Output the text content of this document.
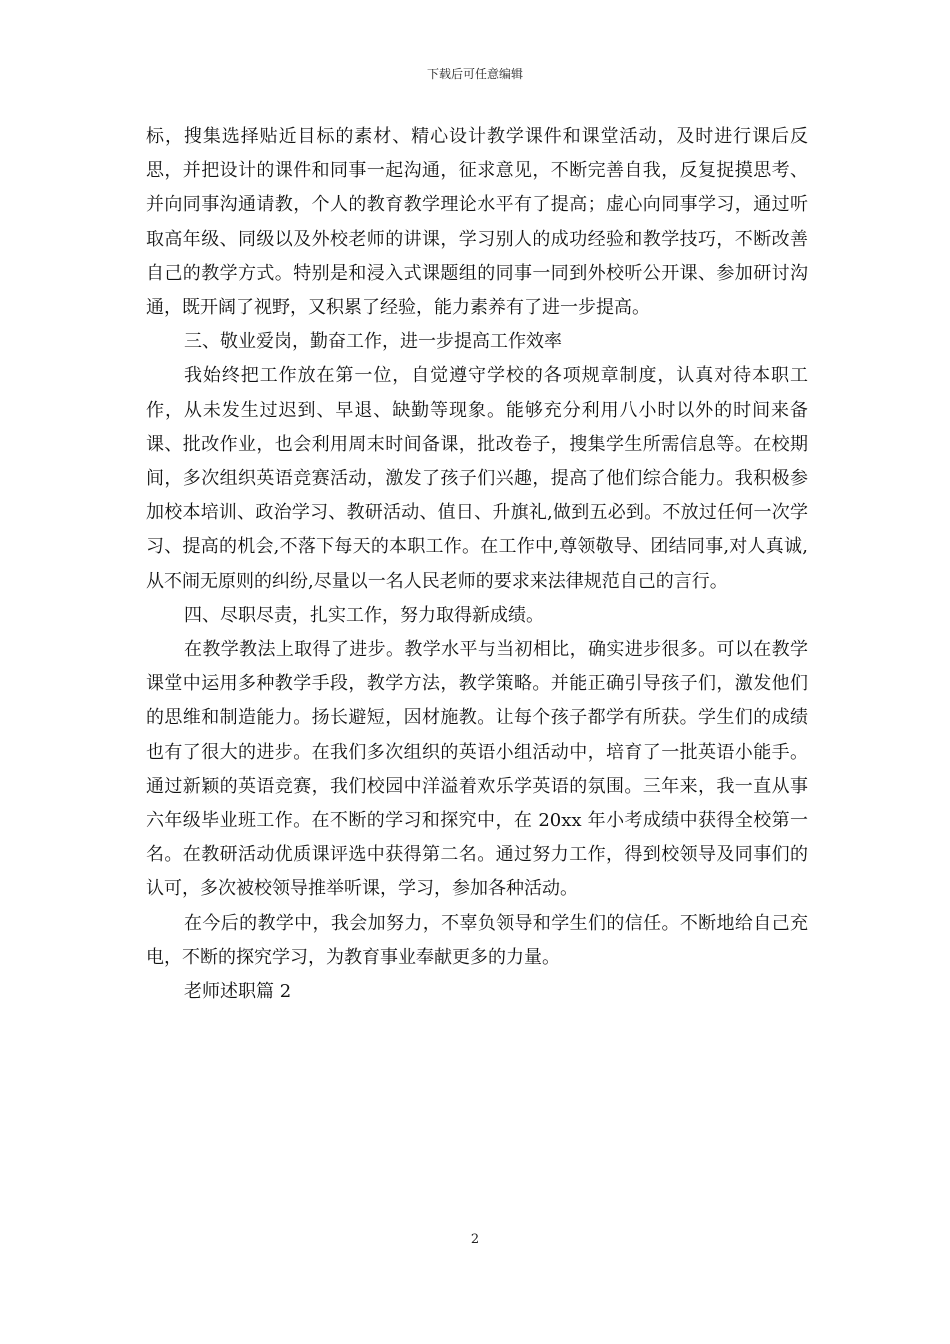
下载后可任意编辑

标，搜集选择贴近目标的素材、精心设计教学课件和课堂活动，及时进行课后反思，并把设计的课件和同事一起沟通，征求意见，不断完善自我，反复捉摸思考、并向同事沟通请教，个人的教育教学理论水平有了提高；虚心向同事学习，通过听取高年级、同级以及外校老师的讲课，学习别人的成功经验和教学技巧，不断改善自己的教学方式。特别是和浸入式课题组的同事一同到外校听公开课、参加研讨沟通，既开阔了视野，又积累了经验，能力素养有了进一步提高。

三、敬业爱岗，勤奋工作，进一步提高工作效率

我始终把工作放在第一位，自觉遵守学校的各项规章制度，认真对待本职工作，从未发生过迟到、早退、缺勤等现象。能够充分利用八小时以外的时间来备课、批改作业，也会利用周末时间备课，批改卷子，搜集学生所需信息等。在校期间，多次组织英语竞赛活动，激发了孩子们兴趣，提高了他们综合能力。我积极参加校本培训、政治学习、教研活动、值日、升旗礼,做到五必到。不放过任何一次学习、提高的机会,不落下每天的本职工作。在工作中,尊领敬导、团结同事,对人真诚,从不闹无原则的纠纷,尽量以一名人民老师的要求来法律规范自己的言行。

四、尽职尽责，扎实工作，努力取得新成绩。

在教学教法上取得了进步。教学水平与当初相比，确实进步很多。可以在教学课堂中运用多种教学手段，教学方法，教学策略。并能正确引导孩子们，激发他们的思维和制造能力。扬长避短，因材施教。让每个孩子都学有所获。学生们的成绩也有了很大的进步。在我们多次组织的英语小组活动中，培育了一批英语小能手。通过新颖的英语竞赛，我们校园中洋溢着欢乐学英语的氛围。三年来，我一直从事六年级毕业班工作。在不断的学习和探究中，在 20xx 年小考成绩中获得全校第一名。在教研活动优质课评选中获得第二名。通过努力工作，得到校领导及同事们的认可，多次被校领导推举听课，学习，参加各种活动。

在今后的教学中，我会加努力，不辜负领导和学生们的信任。不断地给自己充电，不断的探究学习，为教育事业奉献更多的力量。

老师述职篇 2

2
